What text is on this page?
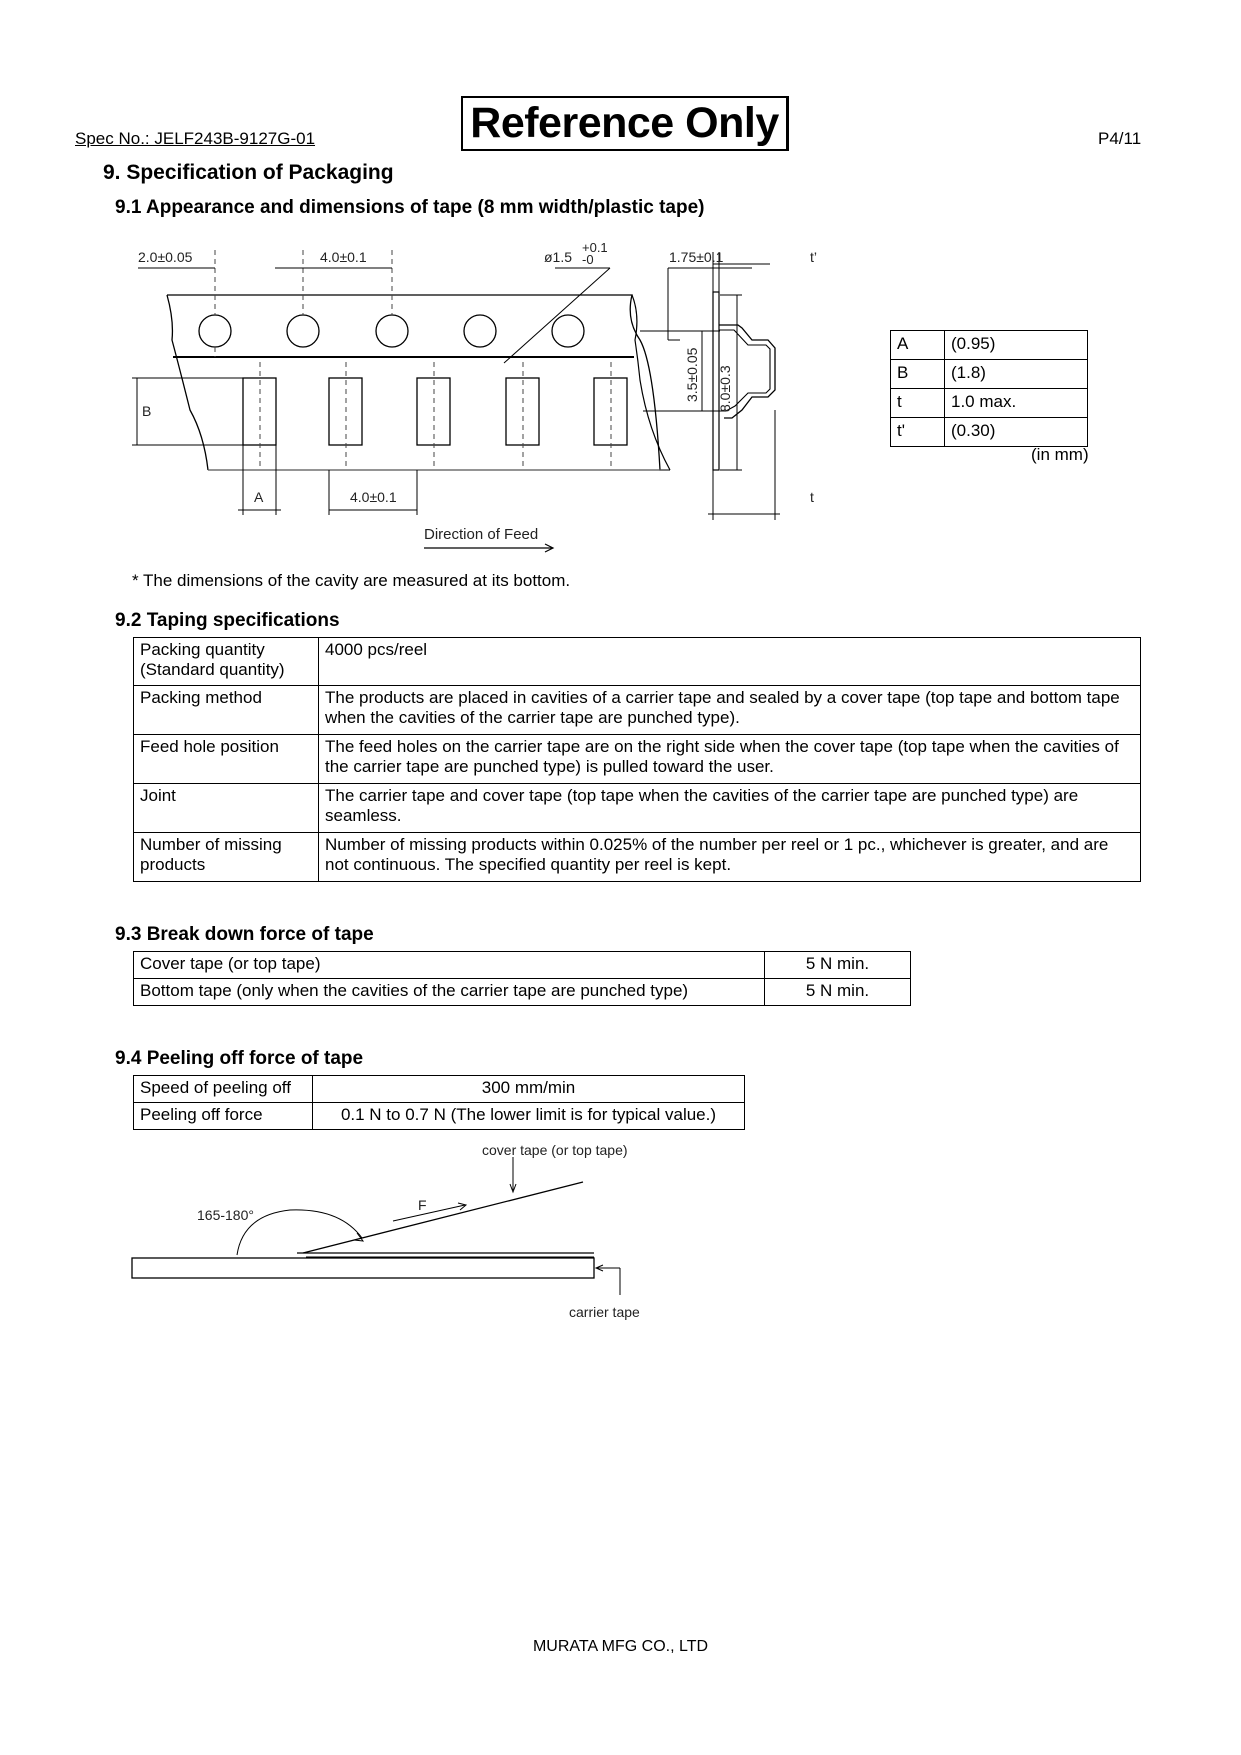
Spec No.: JELF243B-9127G-01	Reference Only	P4/11
9. Specification of Packaging
9.1 Appearance and dimensions of tape (8 mm width/plastic tape)
2.0±0.05	4.0±0.1	ø1.5
+0.1
-0	1.75±0.1	t’
3.5±0.05 8.0±0.3
B
A	4.0±0.1	t
Direction of Feed
A	(0.95)
B	(1.8)
t	1.0 max.
t'	(0.30)
(in mm)
* The dimensions of the cavity are measured at its bottom.
9.2 Taping specifications
Packing quantity (Standard quantity)	4000 pcs/reel
Packing method	The products are placed in cavities of a carrier tape and sealed by a cover tape (top tape and bottom tape when the cavities of the carrier tape are punched type).
Feed hole position	The feed holes on the carrier tape are on the right side when the cover tape (top tape when the cavities of the carrier tape are punched type) is pulled toward the user.
Joint	The carrier tape and cover tape (top tape when the cavities of the carrier tape are punched type) are seamless.
Number of missing products	Number of missing products within 0.025% of the number per reel or 1 pc., whichever is greater, and are not continuous. The specified quantity per reel is kept.
9.3 Break down force of tape
Cover tape (or top tape)	5 N min.
Bottom tape (only when the cavities of the carrier tape are punched type)	5 N min.
9.4 Peeling off force of tape
Speed of peeling off	300 mm/min
Peeling off force	0.1 N to 0.7 N (The lower limit is for typical value.)
cover tape (or top tape)
165-180°
F
carrier tape
MURATA MFG CO., LTD
